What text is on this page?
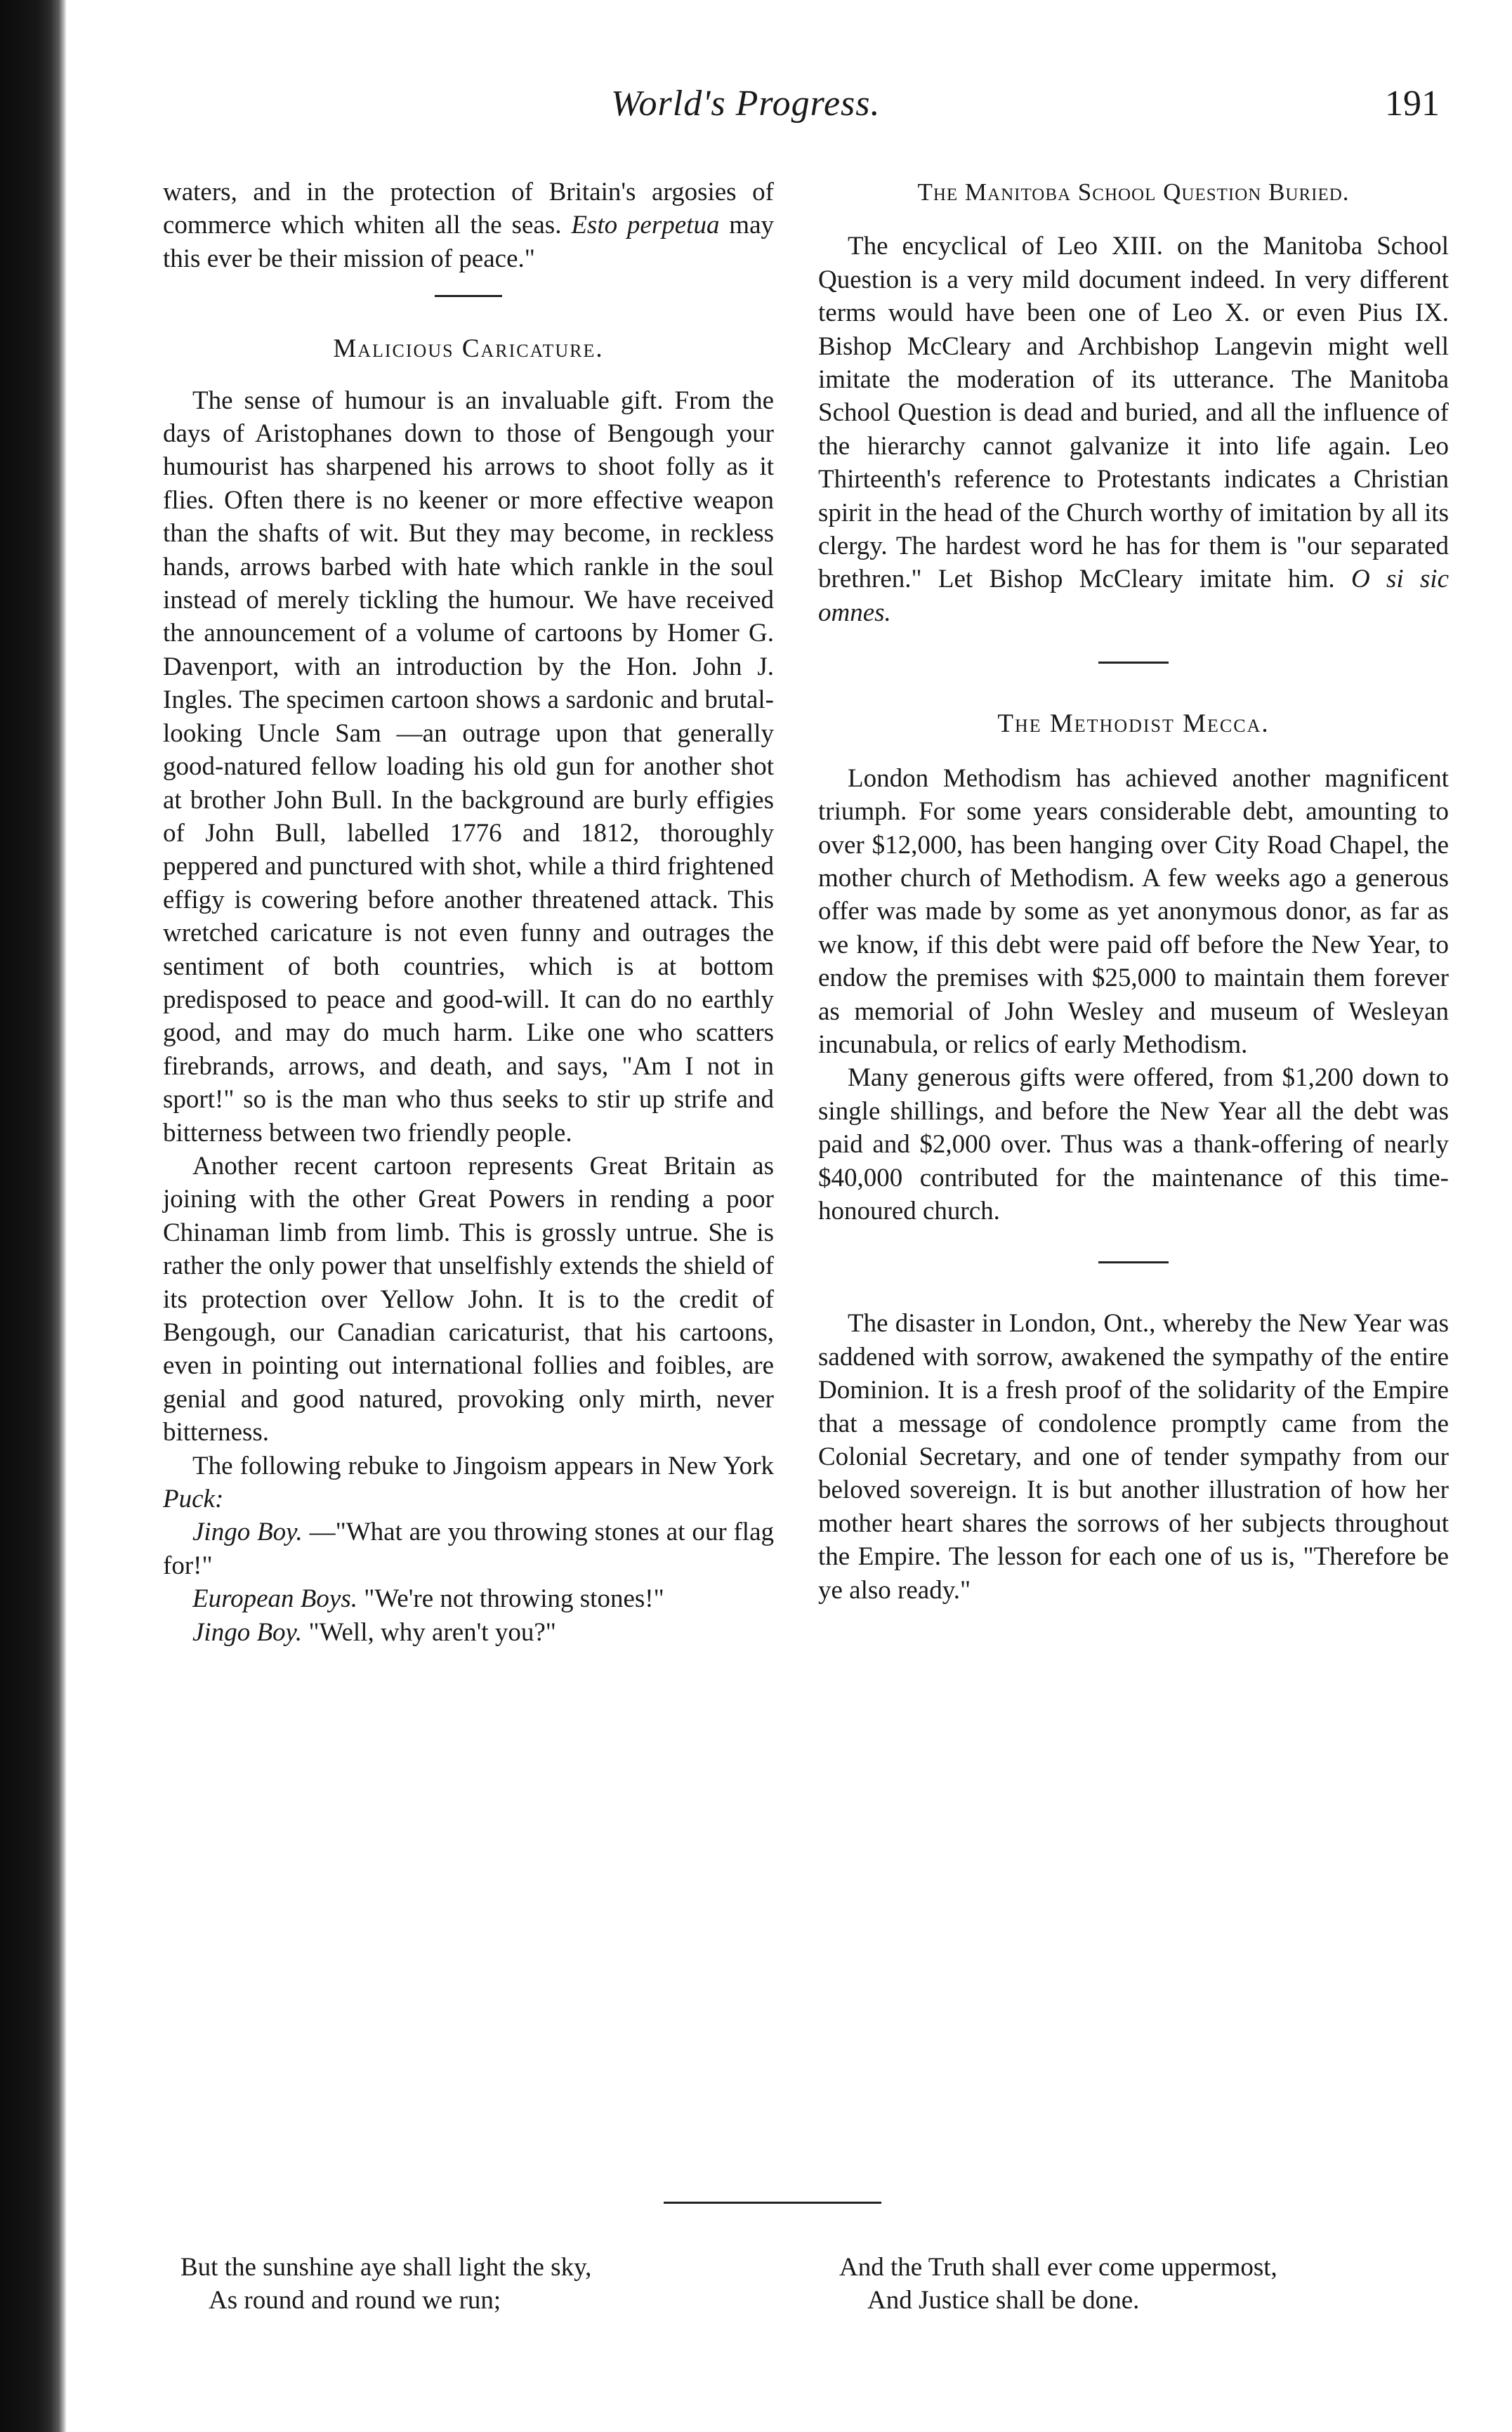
World's Progress.	191

waters, and in the protection of Britain's argosies of commerce which whiten all the seas. Esto perpetua may this ever be their mission of peace."

Malicious Caricature.

The sense of humour is an invaluable gift. From the days of Aristophanes down to those of Bengough your humourist has sharpened his arrows to shoot folly as it flies. Often there is no keener or more effective weapon than the shafts of wit. But they may become, in reckless hands, arrows barbed with hate which rankle in the soul instead of merely tickling the humour. We have received the announcement of a volume of cartoons by Homer G. Davenport, with an introduction by the Hon. John J. Ingles. The specimen cartoon shows a sardonic and brutal-looking Uncle Sam —an outrage upon that generally good-natured fellow loading his old gun for another shot at brother John Bull. In the background are burly effigies of John Bull, labelled 1776 and 1812, thoroughly peppered and punctured with shot, while a third frightened effigy is cowering before another threatened attack. This wretched caricature is not even funny and outrages the sentiment of both countries, which is at bottom predisposed to peace and good-will. It can do no earthly good, and may do much harm. Like one who scatters firebrands, arrows, and death, and says, "Am I not in sport!" so is the man who thus seeks to stir up strife and bitterness between two friendly people.

Another recent cartoon represents Great Britain as joining with the other Great Powers in rending a poor Chinaman limb from limb. This is grossly untrue. She is rather the only power that unselfishly extends the shield of its protection over Yellow John. It is to the credit of Bengough, our Canadian caricaturist, that his cartoons, even in pointing out international follies and foibles, are genial and good natured, provoking only mirth, never bitterness.

The following rebuke to Jingoism appears in New York Puck:

Jingo Boy. —"What are you throwing stones at our flag for!"

European Boys. "We're not throwing stones!"

Jingo Boy. "Well, why aren't you?"

The Manitoba School Question Buried.

The encyclical of Leo XIII. on the Manitoba School Question is a very mild document indeed. In very different terms would have been one of Leo X. or even Pius IX. Bishop McCleary and Archbishop Langevin might well imitate the moderation of its utterance. The Manitoba School Question is dead and buried, and all the influence of the hierarchy cannot galvanize it into life again. Leo Thirteenth's reference to Protestants indicates a Christian spirit in the head of the Church worthy of imitation by all its clergy. The hardest word he has for them is "our separated brethren." Let Bishop McCleary imitate him. O si sic omnes.

The Methodist Mecca.

London Methodism has achieved another magnificent triumph. For some years considerable debt, amounting to over $12,000, has been hanging over City Road Chapel, the mother church of Methodism. A few weeks ago a generous offer was made by some as yet anonymous donor, as far as we know, if this debt were paid off before the New Year, to endow the premises with $25,000 to maintain them forever as memorial of John Wesley and museum of Wesleyan incunabula, or relics of early Methodism.

Many generous gifts were offered, from $1,200 down to single shillings, and before the New Year all the debt was paid and $2,000 over. Thus was a thank-offering of nearly $40,000 contributed for the maintenance of this time-honoured church.

The disaster in London, Ont., whereby the New Year was saddened with sorrow, awakened the sympathy of the entire Dominion. It is a fresh proof of the solidarity of the Empire that a message of condolence promptly came from the Colonial Secretary, and one of tender sympathy from our beloved sovereign. It is but another illustration of how her mother heart shares the sorrows of her subjects throughout the Empire. The lesson for each one of us is, "Therefore be ye also ready."

But the sunshine aye shall light the sky,
As round and round we run;
And the Truth shall ever come uppermost,
And Justice shall be done.
